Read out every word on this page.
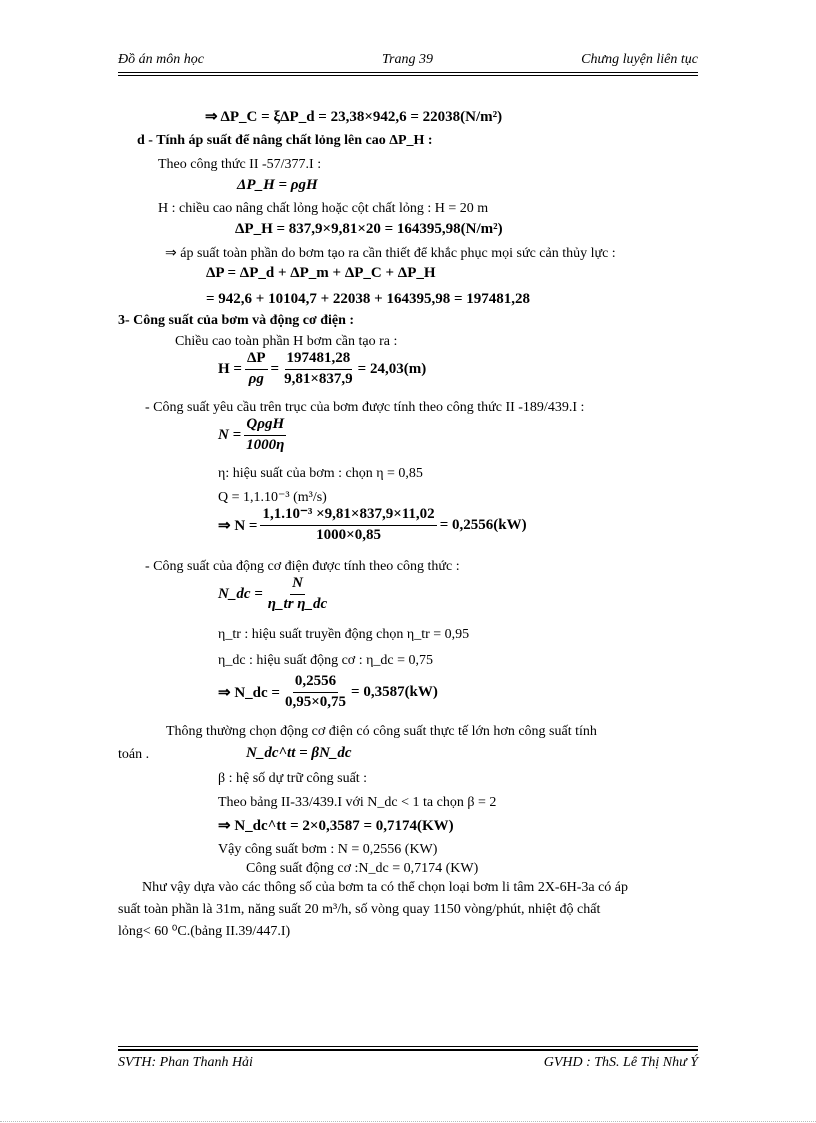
Đồ án môn học	Trang 39	Chưng luyện liên tục
⇒ ΔP_C = ξΔP_d = 23,38×942,6 = 22038(N/m²)
d - Tính áp suất để nâng chất lỏng lên cao ΔP_H :
Theo công thức II -57/377.I :
ΔP_H = ρgH
H : chiều cao nâng chất lỏng hoặc cột chất lỏng : H = 20 m
ΔP_H = 837,9×9,81×20 = 164395,98(N/m²)
⇒ áp suất toàn phần do bơm tạo ra cần thiết để khắc phục mọi sức cản thủy lực :
ΔP = ΔP_d + ΔP_m + ΔP_C + ΔP_H
= 942,6 + 10104,7 + 22038 + 164395,98 = 197481,28
3- Công suất của bơm và động cơ điện :
Chiều cao toàn phần H bơm cần tạo ra :
$H = \frac{\Delta P}{\rho g} = \frac{197481,28}{9,81\times 837,9} = 24,03(m)$
- Công suất yêu cầu trên trục của bơm được tính theo công thức II -189/439.I :
$N = \frac{\text{QρgH}}{1000\eta}$
η: hiệu suất của bơm : chọn η = 0,85
Q = 1,1.10⁻³ (m³/s)
⇒ $N = \frac{\text{1,1.10⁻³ ×9,81×837,9×11,02}}{1000\times 0,85} = 0,2556(kW)$
- Công suất của động cơ điện được tính theo công thức :
N_dc = $\frac{N}{\text{η\_tr η\_dc}}$
η_tr : hiệu suất truyền động chọn η_tr = 0,95
η_dc : hiệu suất động cơ : η_dc = 0,75
⇒ N_dc = $\frac{0,2556}{0,95\times 0,75} = 0,3587(kW)$
Thông thường chọn động cơ điện có công suất thực tế lớn hơn công suất tính
toán .	N_dc^tt = βN_dc
β : hệ số dự trữ công suất :
Theo bảng II-33/439.I với N_dc < 1 ta chọn β = 2
⇒ N_dc^tt = 2×0,3587 = 0,7174(KW)
Vậy công suất bơm : N = 0,2556 (KW)
Công suất động cơ :N_dc = 0,7174 (KW)
Như vậy dựa vào các thông số của bơm ta có thể chọn loại bơm li tâm 2X-6H-3a có áp
suất toàn phần là 31m, năng suất 20 m³/h, số vòng quay 1150 vòng/phút, nhiệt độ chất
lỏng< 60 ⁰C.(bảng II.39/447.I)
SVTH: Phan Thanh Hải	GVHD : ThS. Lê Thị Như Ý
